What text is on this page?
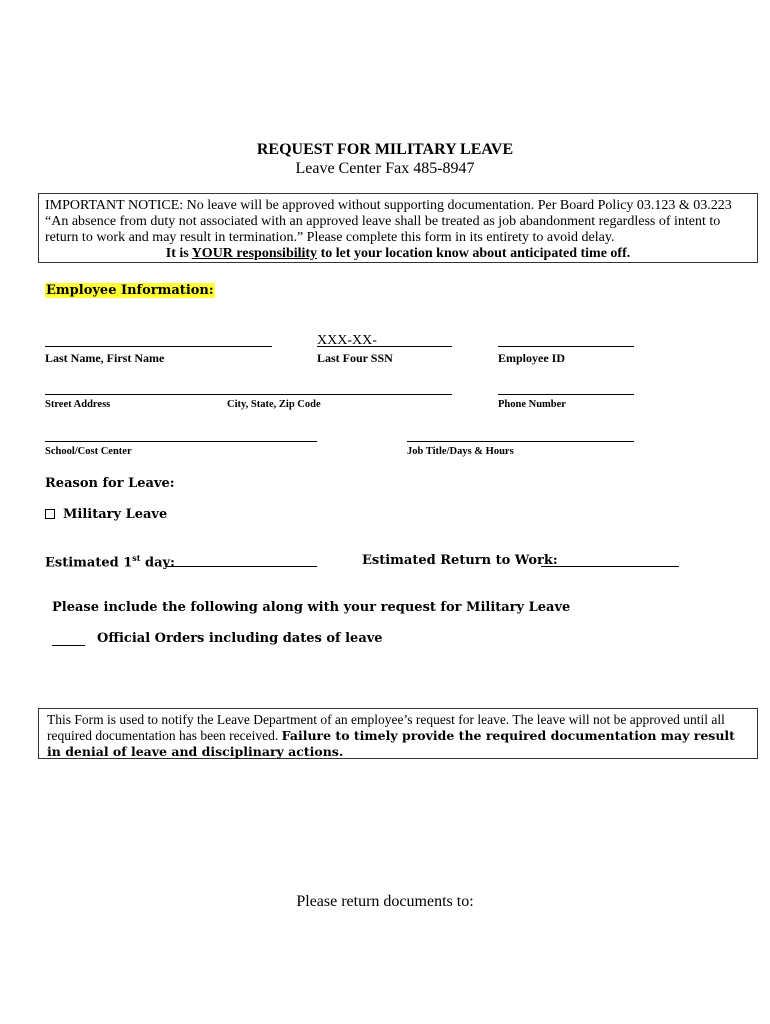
REQUEST FOR MILITARY LEAVE
Leave Center Fax 485-8947
IMPORTANT NOTICE: No leave will be approved without supporting documentation. Per Board Policy 03.123 & 03.223 “An absence from duty not associated with an approved leave shall be treated as job abandonment regardless of intent to return to work and may result in termination.” Please complete this form in its entirety to avoid delay.
It is YOUR responsibility to let your location know about anticipated time off.
Employee Information:
XXX-XX-
Last Name, First Name	Last Four SSN	Employee ID
Street Address	City, State, Zip Code	Phone Number
School/Cost Center	Job Title/Days & Hours
Reason for Leave:
Military Leave
Estimated 1st day:	Estimated Return to Work:
Please include the following along with your request for Military Leave
Official Orders including dates of leave
This Form is used to notify the Leave Department of an employee’s request for leave. The leave will not be approved until all required documentation has been received. Failure to timely provide the required documentation may result in denial of leave and disciplinary actions.
Please return documents to:
